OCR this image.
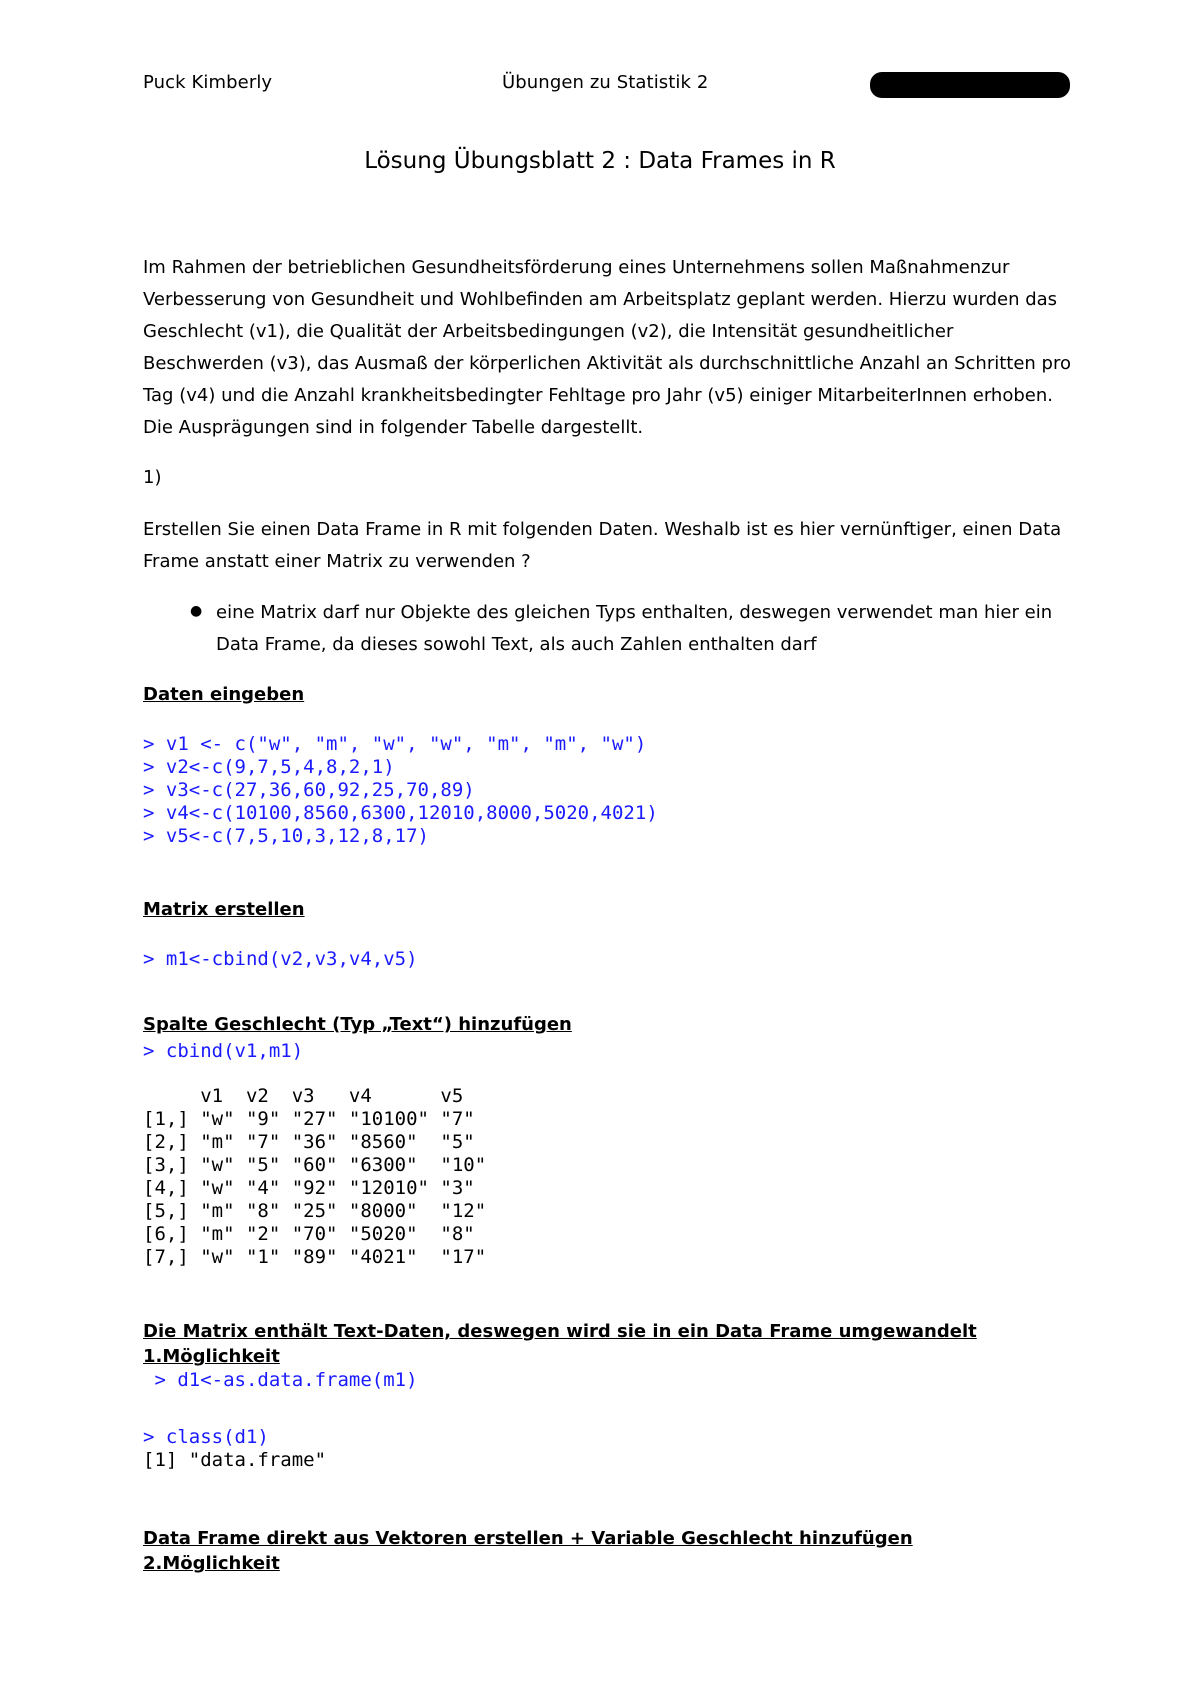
Puck Kimberly	Übungen zu Statistik 2
Lösung Übungsblatt 2 : Data Frames in R
Im Rahmen der betrieblichen Gesundheitsförderung eines Unternehmens sollen Maßnahmenzur Verbesserung von Gesundheit und Wohlbefinden am Arbeitsplatz geplant werden. Hierzu wurden das Geschlecht (v1), die Qualität der Arbeitsbedingungen (v2), die Intensität gesundheitlicher Beschwerden (v3), das Ausmaß der körperlichen Aktivität als durchschnittliche Anzahl an Schritten pro Tag (v4) und die Anzahl krankheitsbedingter Fehltage pro Jahr (v5) einiger MitarbeiterInnen erhoben. Die Ausprägungen sind in folgender Tabelle dargestellt.
1)
Erstellen Sie einen Data Frame in R mit folgenden Daten. Weshalb ist es hier vernünftiger, einen Data Frame anstatt einer Matrix zu verwenden ?
● eine Matrix darf nur Objekte des gleichen Typs enthalten, deswegen verwendet man hier ein Data Frame, da dieses sowohl Text, als auch Zahlen enthalten darf
Daten eingeben
> v1 <- c("w", "m", "w", "w", "m", "m", "w")
> v2<-c(9,7,5,4,8,2,1)
> v3<-c(27,36,60,92,25,70,89)
> v4<-c(10100,8560,6300,12010,8000,5020,4021)
> v5<-c(7,5,10,3,12,8,17)
Matrix erstellen
> m1<-cbind(v2,v3,v4,v5)
Spalte Geschlecht (Typ „Text“) hinzufügen
> cbind(v1,m1)
v1  v2  v3   v4      v5
[1,] "w" "9" "27" "10100" "7"
[2,] "m" "7" "36" "8560"  "5"
[3,] "w" "5" "60" "6300"  "10"
[4,] "w" "4" "92" "12010" "3"
[5,] "m" "8" "25" "8000"  "12"
[6,] "m" "2" "70" "5020"  "8"
[7,] "w" "1" "89" "4021"  "17"
Die Matrix enthält Text-Daten, deswegen wird sie in ein Data Frame umgewandelt
1.Möglichkeit
> d1<-as.data.frame(m1)
> class(d1)
[1] "data.frame"
Data Frame direkt aus Vektoren erstellen + Variable Geschlecht hinzufügen
2.Möglichkeit
